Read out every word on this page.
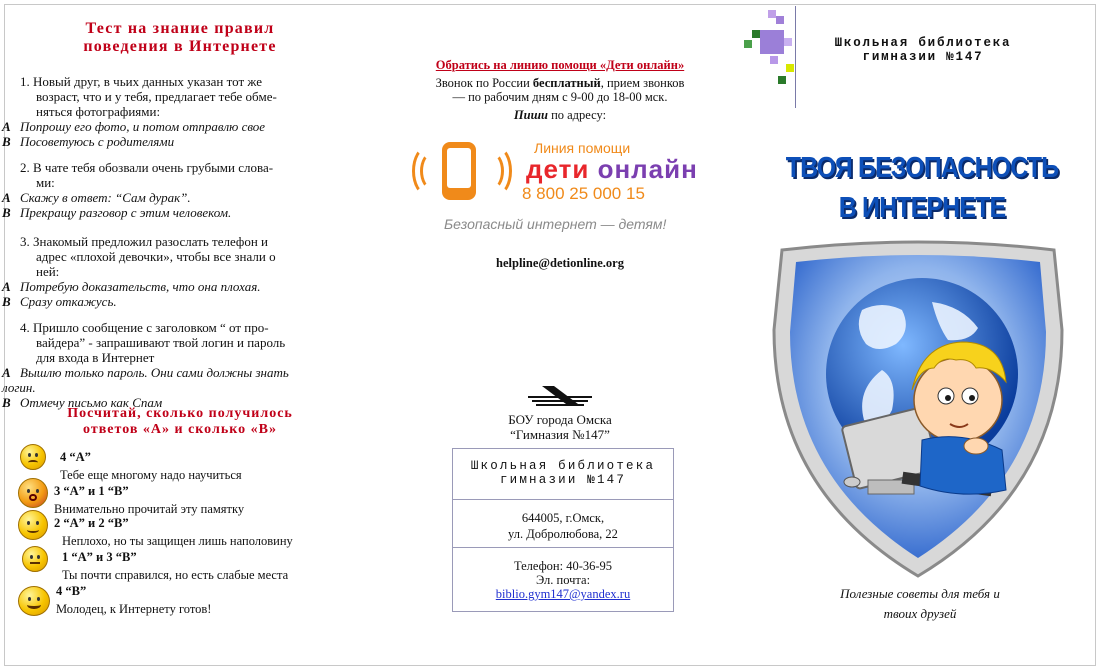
Тест на знание правил
поведения в Интернете
1. Новый друг, в чьих данных указан тот же
возраст, что и у тебя, предлагает тебе обме-
няться фотографиями:
А Попрошу его фото, и потом отправлю свое
В Посоветуюсь с родителями
2. В чате тебя обозвали очень грубыми слова-
ми:
А Скажу в ответ: “Сам дурак”.
В Прекращу разговор с этим человеком.
3. Знакомый предложил разослать телефон и
адрес «плохой девочки», чтобы все знали о
ней:
А Потребую доказательств, что она плохая.
В Сразу откажусь.
4. Пришло сообщение с заголовком “ от про-
вайдера” - запрашивают твой логин и пароль
для входа в Интернет
А Вышлю только пароль. Они сами должны знать логин.
В Отмечу письмо как Спам
Посчитай, сколько получилось
ответов «А» и сколько «В»
4 “А”
Тебе еще многому надо научиться
3 “А” и 1 “В”
Внимательно прочитай эту памятку
2 “А” и 2 “В”
Неплохо, но ты защищен лишь наполовину
1 “А” и 3 “В”
Ты почти справился, но есть слабые места
4 “В”
Молодец, к Интернету готов!
Обратись на линию помощи «Дети онлайн»
Звонок по России бесплатный, прием звонков
— по рабочим дням с 9-00 до 18-00 мск.
Пиши по адресу:
Линия помощи
дети онлайн
8 800 25 000 15
Безопасный интернет — детям!
helpline@detionline.org
БОУ города Омска
“Гимназия №147”
Школьная библиотека
гимназии №147
644005, г.Омск,
ул. Добролюбова, 22
Телефон: 40-36-95
Эл. почта:
biblio.gym147@yandex.ru
Школьная библиотека
гимназии №147
ТВОЯ БЕЗОПАСНОСТЬ
В ИНТЕРНЕТЕ
Полезные советы для тебя и
твоих друзей
